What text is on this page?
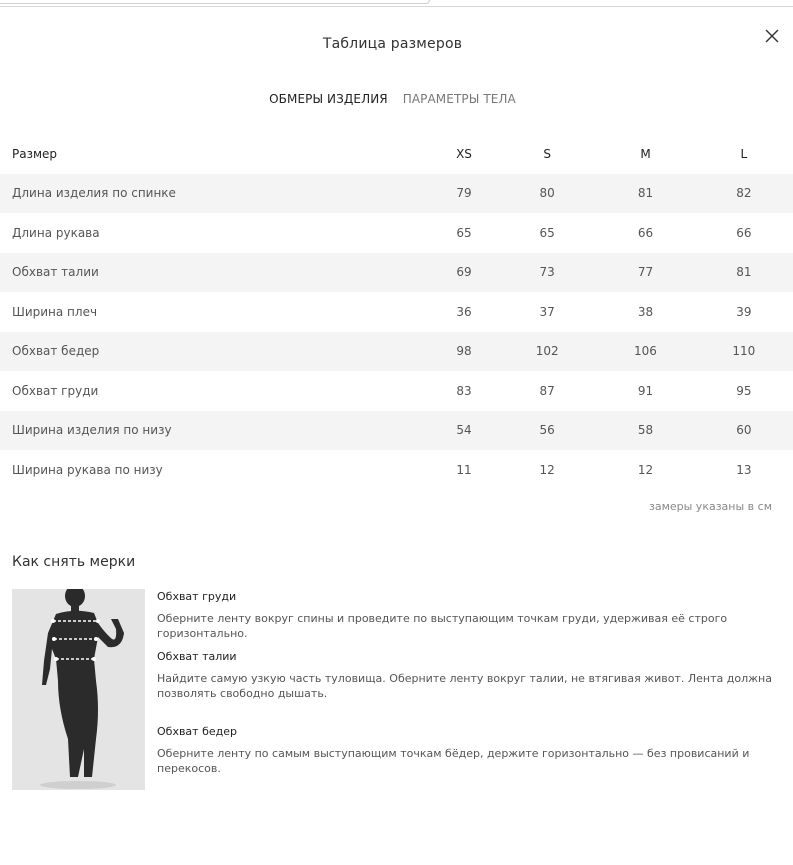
Таблица размеров
ОБМЕРЫ ИЗДЕЛИЯ ПАРАМЕТРЫ ТЕЛА
Размер	XS	S	M	L
Длина изделия по спинке	79	80	81	82
Длина рукава	65	65	66	66
Обхват талии	69	73	77	81
Ширина плеч	36	37	38	39
Обхват бедер	98	102	106	110
Обхват груди	83	87	91	95
Ширина изделия по низу	54	56	58	60
Ширина рукава по низу	11	12	12	13
замеры указаны в см
Как снять мерки
Обхват груди
Оберните ленту вокруг спины и проведите по выступающим точкам груди, удерживая её строго горизонтально.
Обхват талии
Найдите самую узкую часть туловища. Оберните ленту вокруг талии, не втягивая живот. Лента должна позволять свободно дышать.
Обхват бедер
Оберните ленту по самым выступающим точкам бёдер, держите горизонтально — без провисаний и перекосов.
